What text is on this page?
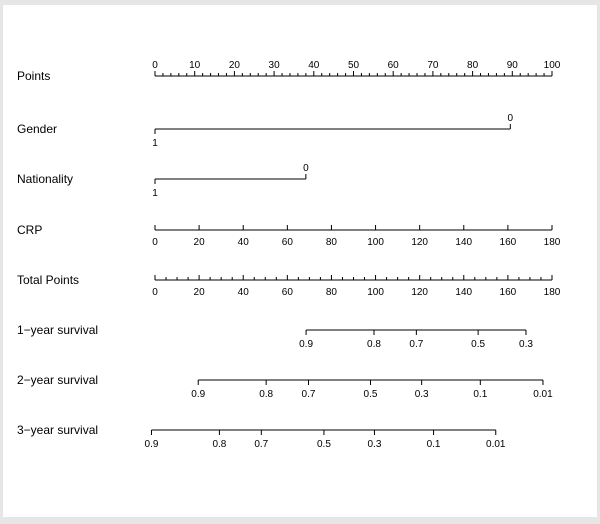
Points
0	10	20	30	40	50	60	70	80	90	100
Gender
0
1
Nationality
0
1
CRP
0	20	40	60	80	100	120	140	160	180
Total Points
0	20	40	60	80	100	120	140	160	180
1−year survival
0.9	0.8	0.7	0.5	0.3
2−year survival
0.9	0.8	0.7	0.5	0.3	0.1	0.01
3−year survival
0.9	0.8	0.7	0.5	0.3	0.1	0.01
知乎 @海航生态圈
